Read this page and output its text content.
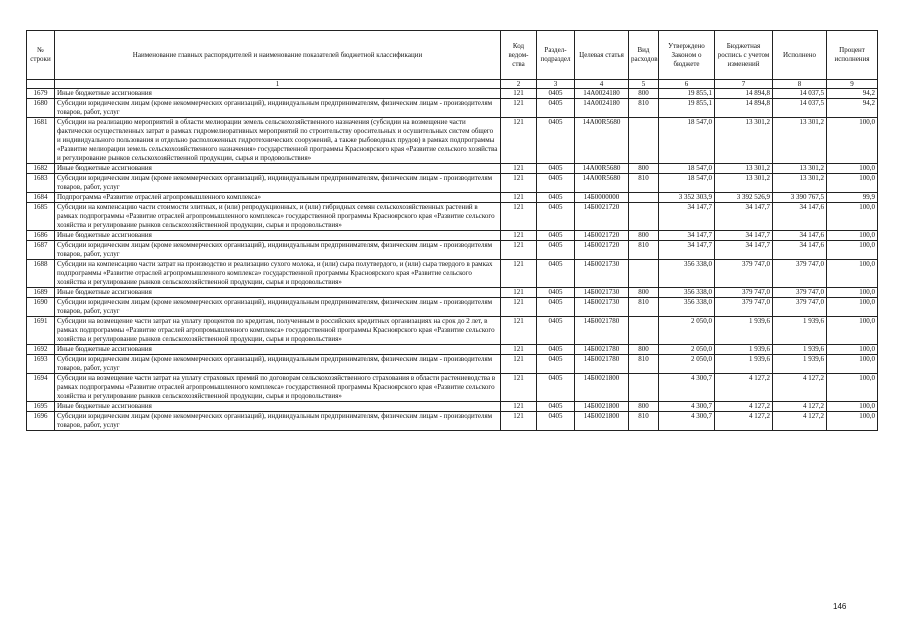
№ строки	Наименование главных распорядителей и наименование показателей бюджетной классификации	Код ведом-ства	Раздел-подраздел	Целевая статья	Вид расходов	Утверждено Законом о бюджете	Бюджетная роспись с учетом изменений	Исполнено	Процент исполнения
	1	2	3	4	5	6	7	8	9
1679	Иные бюджетные ассигнования	121	0405	14A0024180	800	19 855,1	14 894,8	14 037,5	94,2
1680	Субсидии юридическим лицам (кроме некоммерческих организаций), индивидуальным предпринимателям, физическим лицам - производителям товаров, работ, услуг	121	0405	14A0024180	810	19 855,1	14 894,8	14 037,5	94,2
1681	Субсидии на реализацию мероприятий в области мелиорации земель сельскохозяйственного назначения (субсидии на возмещение части фактически осуществленных затрат в рамках гидромелиоративных мероприятий по строительству оросительных и осушительных систем общего и индивидуального пользования и отдельно расположенных гидротехнических сооружений, а также рыбоводных прудов) в рамках подпрограммы «Развитие мелиорации земель сельскохозяйственного назначения» государственной программы Красноярского края «Развитие сельского хозяйства и регулирование рынков сельскохозяйственной продукции, сырья и продовольствия»	121	0405	14A00R5680		18 547,0	13 301,2	13 301,2	100,0
1682	Иные бюджетные ассигнования	121	0405	14A00R5680	800	18 547,0	13 301,2	13 301,2	100,0
1683	Субсидии юридическим лицам (кроме некоммерческих организаций), индивидуальным предпринимателям, физическим лицам - производителям товаров, работ, услуг	121	0405	14A00R5680	810	18 547,0	13 301,2	13 301,2	100,0
1684	Подпрограмма «Развитие отраслей агропромышленного комплекса»	121	0405	14Б0000000		3 352 303,9	3 392 526,9	3 390 767,5	99,9
1685	Субсидии на компенсацию части стоимости элитных, и (или) репродукционных, и (или) гибридных семян сельскохозяйственных растений в рамках подпрограммы «Развитие отраслей агропромышленного комплекса» государственной программы Красноярского края «Развитие сельского хозяйства и регулирование рынков сельскохозяйственной продукции, сырья и продовольствия»	121	0405	14Б0021720		34 147,7	34 147,7	34 147,6	100,0
1686	Иные бюджетные ассигнования	121	0405	14Б0021720	800	34 147,7	34 147,7	34 147,6	100,0
1687	Субсидии юридическим лицам (кроме некоммерческих организаций), индивидуальным предпринимателям, физическим лицам - производителям товаров, работ, услуг	121	0405	14Б0021720	810	34 147,7	34 147,7	34 147,6	100,0
1688	Субсидии на компенсацию части затрат на производство и реализацию сухого молока, и (или) сыра полутвердого, и (или) сыра твердого в рамках подпрограммы «Развитие отраслей агропромышленного комплекса» государственной программы Красноярского края «Развитие сельского хозяйства и регулирование рынков сельскохозяйственной продукции, сырья и продовольствия»	121	0405	14Б0021730		356 338,0	379 747,0	379 747,0	100,0
1689	Иные бюджетные ассигнования	121	0405	14Б0021730	800	356 338,0	379 747,0	379 747,0	100,0
1690	Субсидии юридическим лицам (кроме некоммерческих организаций), индивидуальным предпринимателям, физическим лицам - производителям товаров, работ, услуг	121	0405	14Б0021730	810	356 338,0	379 747,0	379 747,0	100,0
1691	Субсидии на возмещение части затрат на уплату процентов по кредитам, полученным в российских кредитных организациях на срок до 2 лет, в рамках подпрограммы «Развитие отраслей агропромышленного комплекса» государственной программы Красноярского края «Развитие сельского хозяйства и регулирование рынков сельскохозяйственной продукции, сырья и продовольствия»	121	0405	14Б0021780		2 050,0	1 939,6	1 939,6	100,0
1692	Иные бюджетные ассигнования	121	0405	14Б0021780	800	2 050,0	1 939,6	1 939,6	100,0
1693	Субсидии юридическим лицам (кроме некоммерческих организаций), индивидуальным предпринимателям, физическим лицам - производителям товаров, работ, услуг	121	0405	14Б0021780	810	2 050,0	1 939,6	1 939,6	100,0
1694	Субсидии на возмещение части затрат на уплату страховых премий по договорам сельскохозяйственного страхования в области растениеводства в рамках подпрограммы «Развитие отраслей агропромышленного комплекса» государственной программы Красноярского края «Развитие сельского хозяйства и регулирование рынков сельскохозяйственной продукции, сырья и продовольствия»	121	0405	14Б0021800		4 300,7	4 127,2	4 127,2	100,0
1695	Иные бюджетные ассигнования	121	0405	14Б0021800	800	4 300,7	4 127,2	4 127,2	100,0
1696	Субсидии юридическим лицам (кроме некоммерческих организаций), индивидуальным предпринимателям, физическим лицам - производителям товаров, работ, услуг	121	0405	14Б0021800	810	4 300,7	4 127,2	4 127,2	100,0
146
